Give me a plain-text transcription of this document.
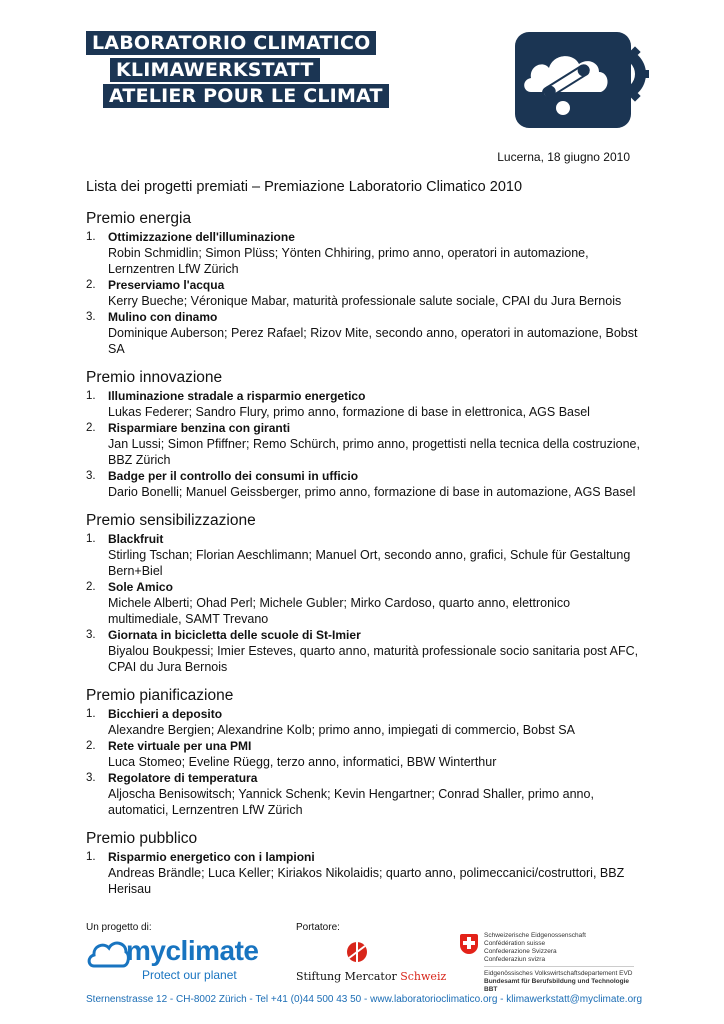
LABORATORIO CLIMATICO
KLIMAWERKSTATT
ATELIER POUR LE CLIMAT
Lucerna, 18 giugno 2010
Lista dei progetti premiati – Premiazione Laboratorio Climatico 2010
Premio energia
1.	Ottimizzazione dell'illuminazione
Robin Schmidlin; Simon Plüss; Yönten Chhiring, primo anno, operatori in automazione, Lernzentren LfW Zürich
2.	Preserviamo l'acqua
Kerry Bueche; Véronique Mabar, maturità professionale salute sociale, CPAI du Jura Bernois
3.	Mulino con dinamo
Dominique Auberson; Perez Rafael; Rizov Mite, secondo anno, operatori in automazione, Bobst SA
Premio innovazione
1.	Illuminazione stradale a risparmio energetico
Lukas Federer; Sandro Flury, primo anno, formazione di base in elettronica, AGS Basel
2.	Risparmiare benzina con giranti
Jan Lussi; Simon Pfiffner; Remo Schürch, primo anno, progettisti nella tecnica della costruzione, BBZ Zürich
3.	Badge per il controllo dei consumi in ufficio
Dario Bonelli; Manuel Geissberger, primo anno, formazione di base in automazione, AGS Basel
Premio sensibilizzazione
1.	Blackfruit
Stirling Tschan; Florian Aeschlimann; Manuel Ort, secondo anno, grafici, Schule für Gestaltung Bern+Biel
2.	Sole Amico
Michele Alberti; Ohad Perl; Michele Gubler; Mirko Cardoso, quarto anno, elettronico multimediale, SAMT Trevano
3.	Giornata in bicicletta delle scuole di St-Imier
Biyalou Boukpessi; Imier Esteves, quarto anno, maturità professionale socio sanitaria post AFC, CPAI du Jura Bernois
Premio pianificazione
1.	Bicchieri a deposito
Alexandre Bergien; Alexandrine Kolb; primo anno, impiegati di commercio, Bobst SA
2.	Rete virtuale per una PMI
Luca Stomeo; Eveline Rüegg, terzo anno, informatici, BBW Winterthur
3.	Regolatore di temperatura
Aljoscha Benisowitsch; Yannick Schenk; Kevin Hengartner; Conrad Shaller, primo anno, automatici, Lernzentren LfW Zürich
Premio pubblico
1.	Risparmio energetico con i lampioni
Andreas Brändle; Luca Keller; Kiriakos Nikolaidis; quarto anno, polimeccanici/costruttori, BBZ Herisau
Un progetto di:	Portatore:
myclimate
Protect our planet	Stiftung Mercator Schweiz
Schweizerische Eidgenossenschaft
Confédération suisse
Confederazione Svizzera
Confederaziun svizra
Eidgenössisches Volkswirtschaftsdepartement EVD
Bundesamt für Berufsbildung und Technologie BBT
Sternenstrasse 12 - CH-8002 Zürich - Tel +41 (0)44 500 43 50 - www.laboratorioclimatico.org - klimawerkstatt@myclimate.org
